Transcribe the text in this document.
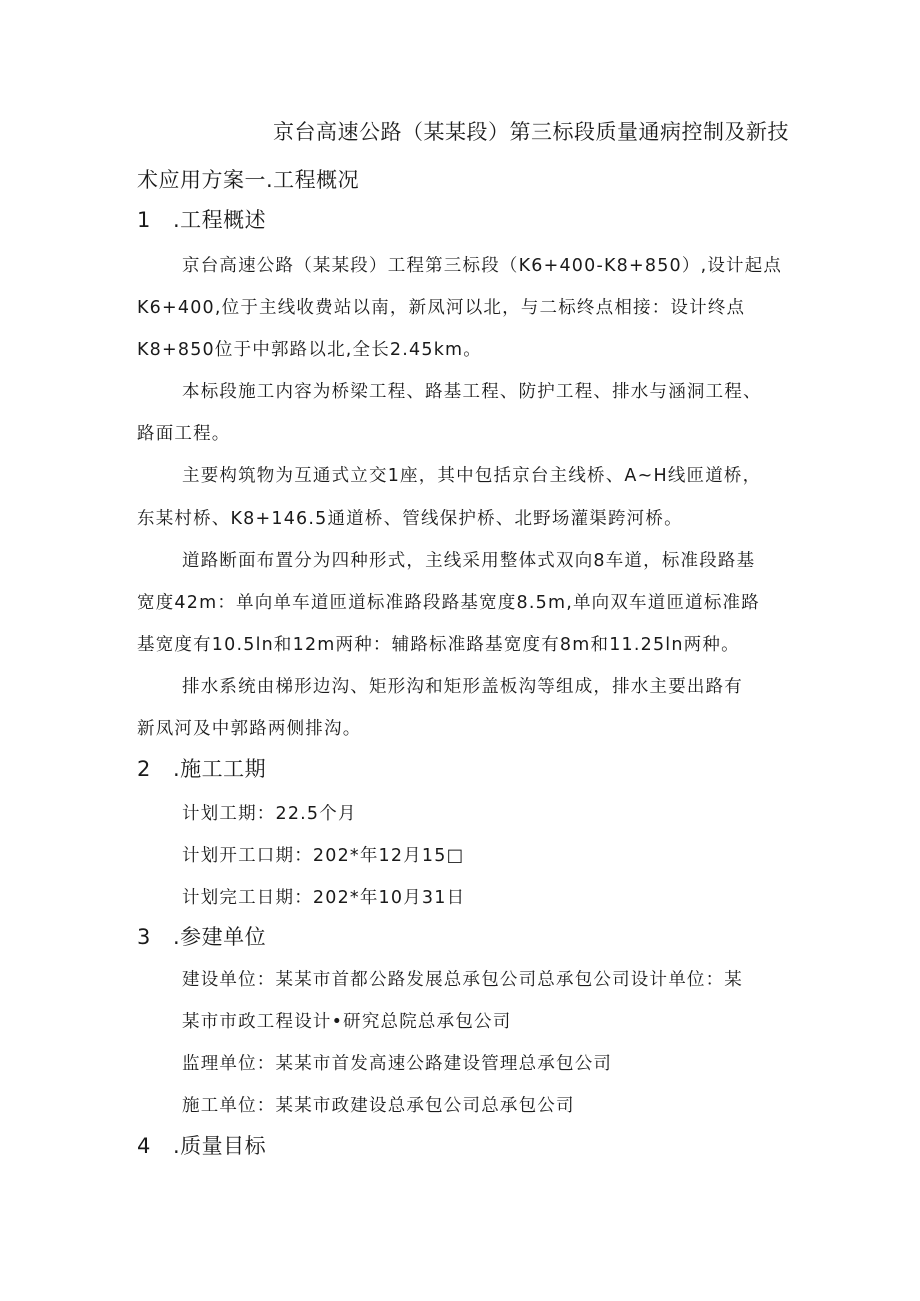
京台高速公路（某某段）第三标段质量通病控制及新技
术应用方案一.工程概况
1 .工程概述
京台高速公路（某某段）工程第三标段（K6+400-K8+850）,设计起点
K6+400,位于主线收费站以南，新凤河以北，与二标终点相接：设计终点
K8+850位于中郭路以北,全长2.45km。
本标段施工内容为桥梁工程、路基工程、防护工程、排水与涵洞工程、
路面工程。
主要构筑物为互通式立交1座，其中包括京台主线桥、A~H线匝道桥，
东某村桥、K8+146.5通道桥、管线保护桥、北野场灌渠跨河桥。
道路断面布置分为四种形式，主线采用整体式双向8车道，标准段路基
宽度42m：单向单车道匝道标准路段路基宽度8.5m,单向双车道匝道标准路
基宽度有10.5ln和12m两种：辅路标准路基宽度有8m和11.25ln两种。
排水系统由梯形边沟、矩形沟和矩形盖板沟等组成，排水主要出路有
新凤河及中郭路两侧排沟。
2 .施工工期
计划工期：22.5个月
计划开工口期：202*年12月15□
计划完工日期：202*年10月31日
3 .参建单位
建设单位：某某市首都公路发展总承包公司总承包公司设计单位：某
某市市政工程设计•研究总院总承包公司
监理单位：某某市首发高速公路建设管理总承包公司
施工单位：某某市政建设总承包公司总承包公司
4 .质量目标
